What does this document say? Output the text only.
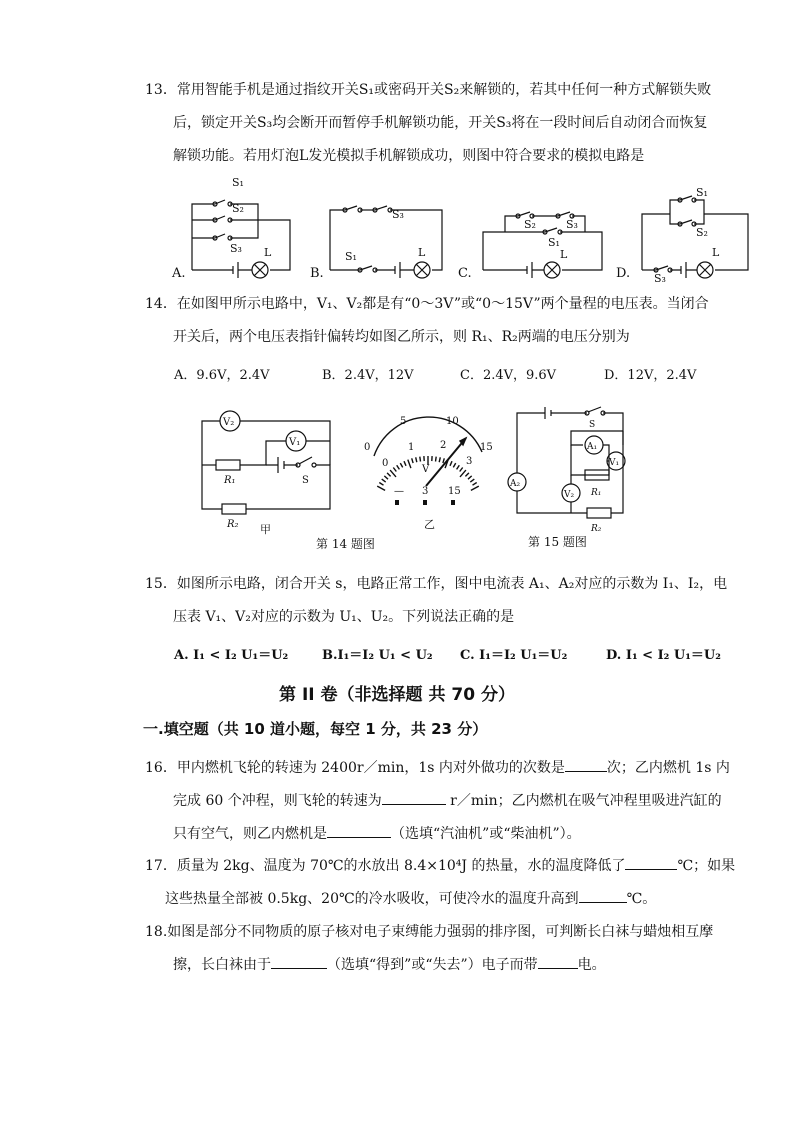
13．常用智能手机是通过指纹开关S₁或密码开关S₂来解锁的，若其中任何一种方式解锁失败
后，锁定开关S₃均会断开而暂停手机解锁功能，开关S₃将在一段时间后自动闭合而恢复
解锁功能。若用灯泡L发光模拟手机解锁成功，则图中符合要求的模拟电路是
S₁
S₂
S₃ L	S₁
S₃
L
S₂	S₃
S₁
L
S₁
S₂
S₃
L
A.	B.	C.	D.
14．在如图甲所示电路中，V₁、V₂都是有“0～3V”或“0～15V”两个量程的电压表。当闭合
开关后，两个电压表指针偏转均如图乙所示，则 R₁、R₂两端的电压分别为
A．9.6V，2.4V	B．2.4V，12V	C．2.4V，9.6V	D．12V，2.4V
V₂
V₁
R₁	S
R₂ 甲
0
5	10
15
0
1	2
3
V
— 3 15
乙
第 14 题图
A₁
A₂
V₁
V₂ R₁
R₂
S
第 15 题图
15．如图所示电路，闭合开关 s，电路正常工作，图中电流表 A₁、A₂对应的示数为 I₁、I₂，电
压表 V₁、V₂对应的示数为 U₁、U₂。下列说法正确的是
A. I₁ < I₂ U₁＝U₂	B.I₁＝I₂ U₁ < U₂ C. I₁＝I₂ U₁＝U₂	D. I₁ < I₂ U₁＝U₂
第 II 卷（非选择题 共 70 分）
一.填空题（共 10 道小题，每空 1 分，共 23 分）
16．甲内燃机飞轮的转速为 2400r／min，1s 内对外做功的次数是	次；乙内燃机 1s 内
完成 60 个冲程，则飞轮的转速为	r／min；乙内燃机在吸气冲程里吸进汽缸的
只有空气，则乙内燃机是	（选填“汽油机”或“柴油机”）。
17．质量为 2kg、温度为 70℃的水放出 8.4×10⁴J 的热量，水的温度降低了	℃；如果
这些热量全部被 0.5kg、20℃的冷水吸收，可使冷水的温度升高到	℃。
18.如图是部分不同物质的原子核对电子束缚能力强弱的排序图，可判断长白袜与蜡烛相互摩
擦，长白袜由于	（选填“得到”或“失去”）电子而带	电。
